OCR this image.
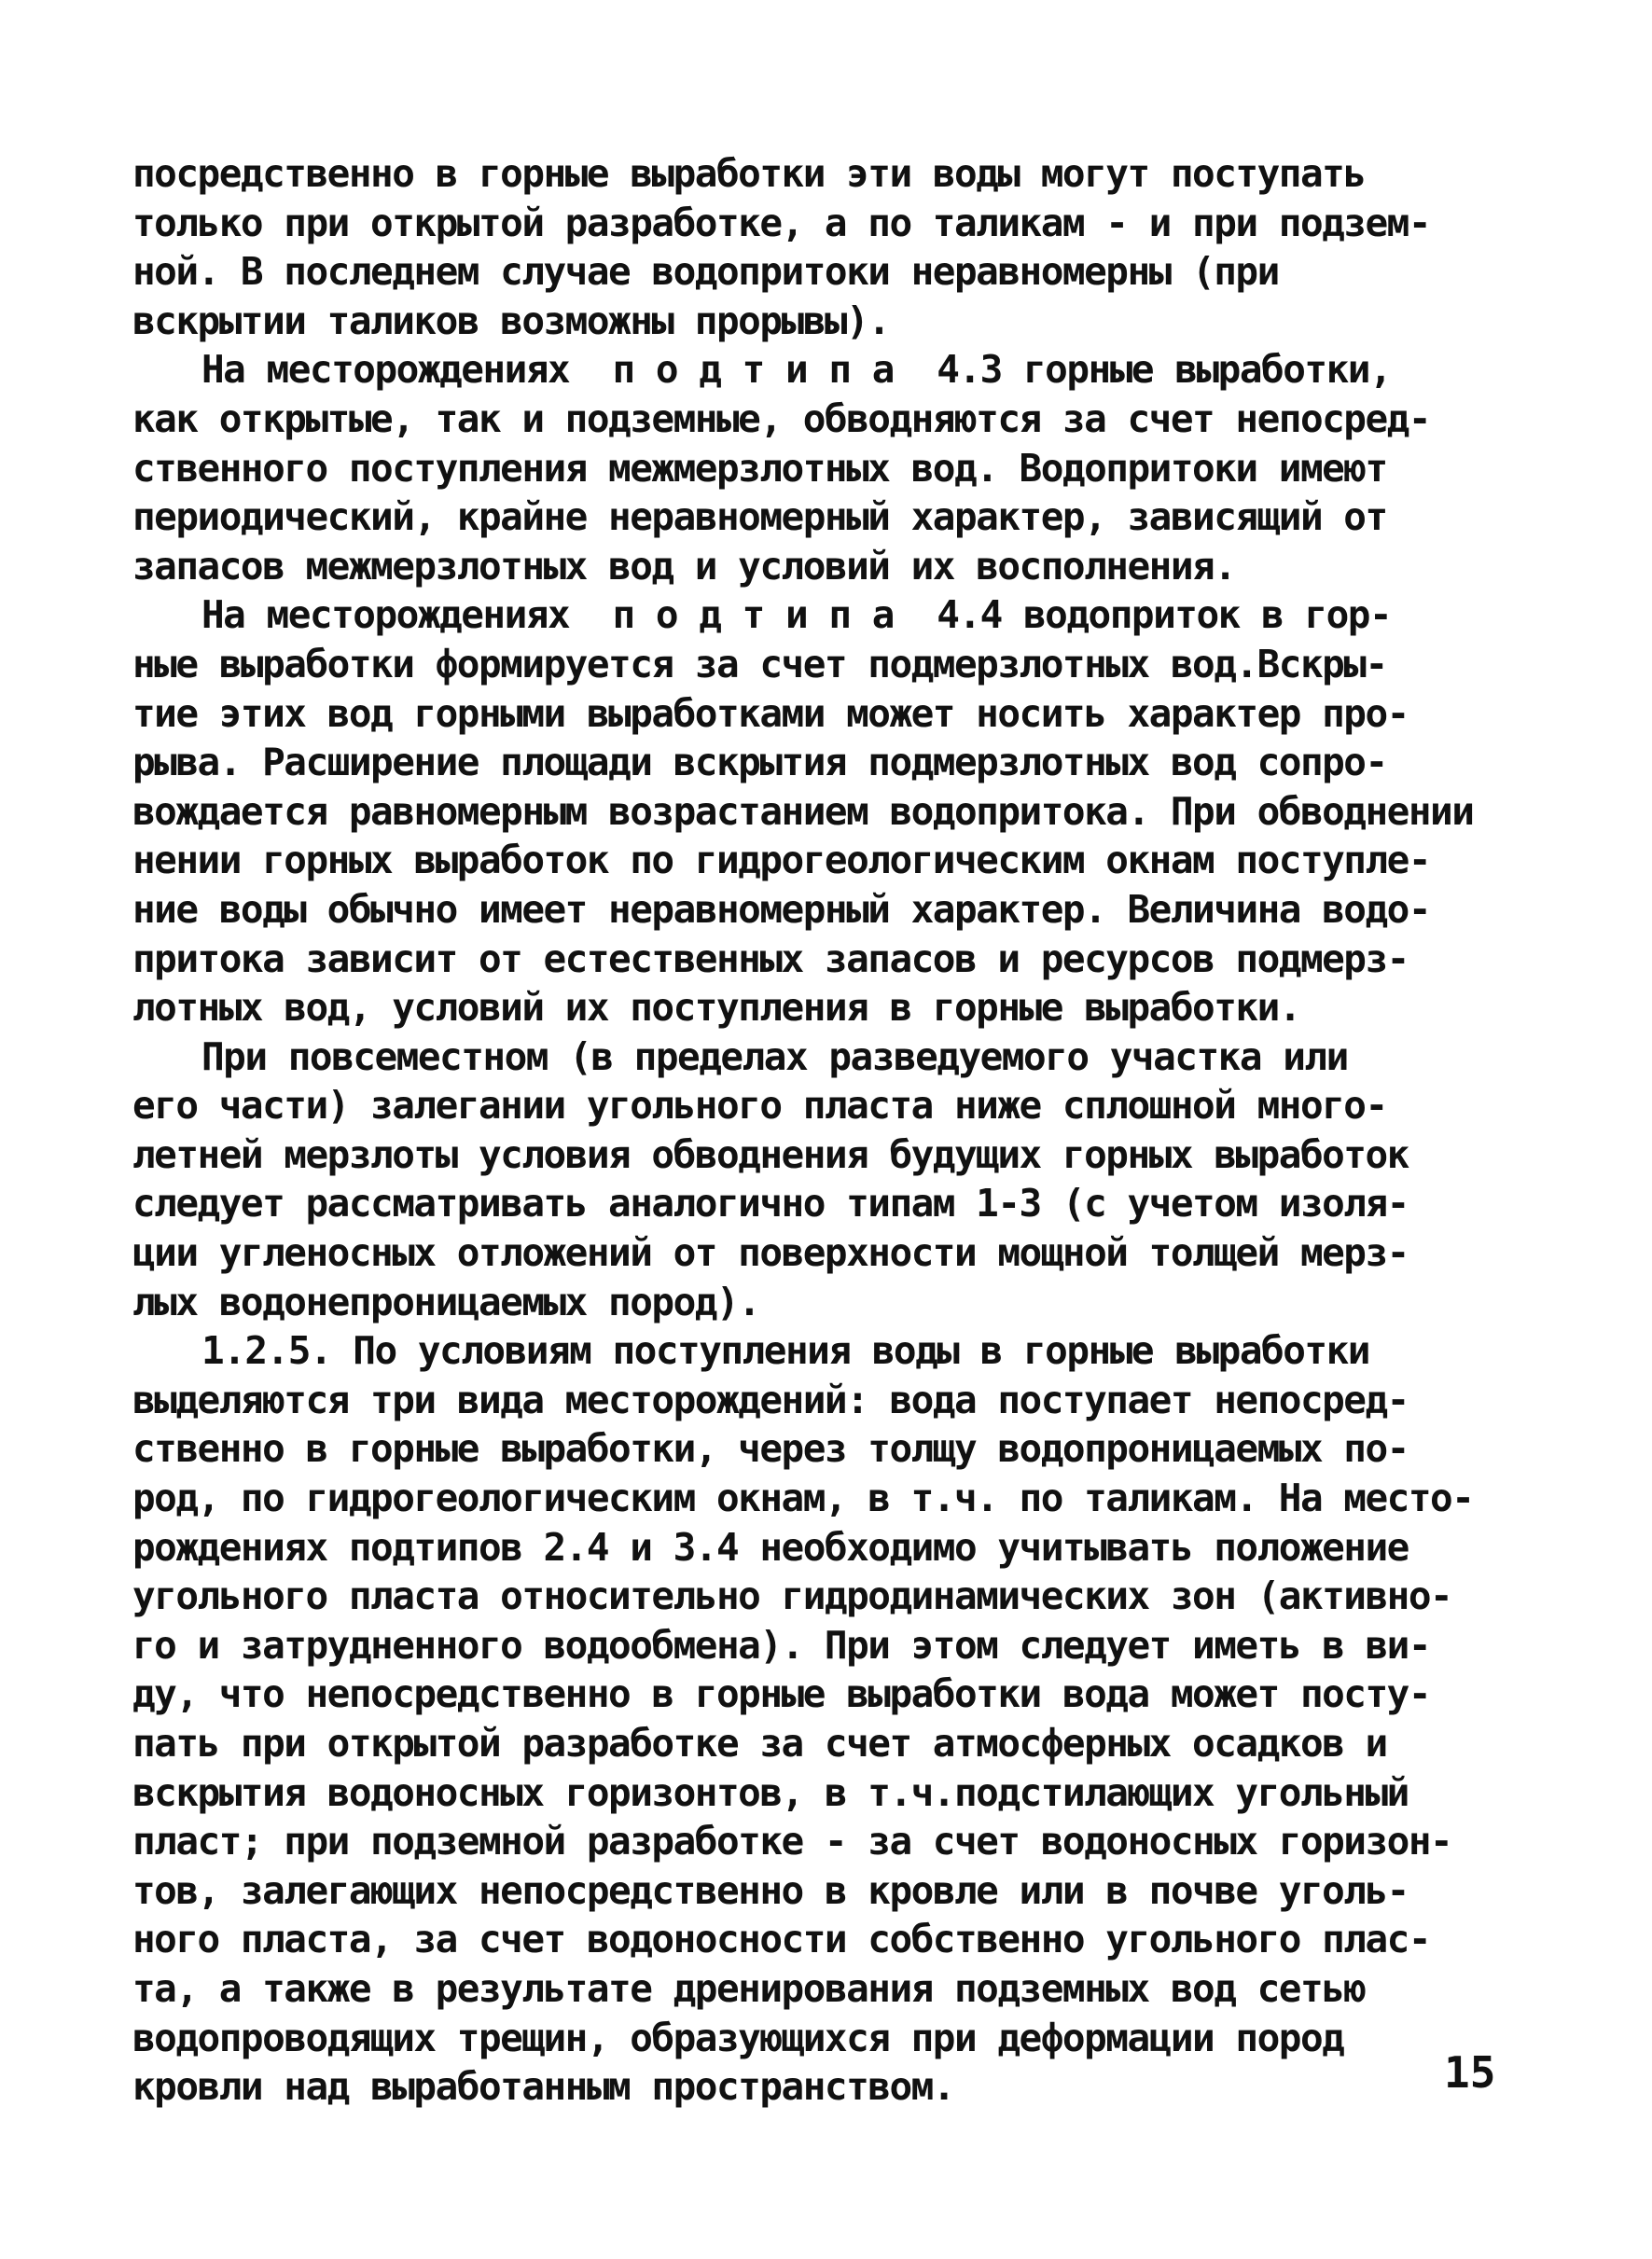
посредственно в горные выработки эти воды могут поступать
только при открытой разработке, а по таликам - и при подзем-
ной. В последнем случае водопритоки неравномерны (при
вскрытии таликов возможны прорывы).

На месторождениях  п о д т и п а  4.3 горные выработки,
как открытые, так и подземные, обводняются за счет непосред-
ственного поступления межмерзлотных вод. Водопритоки имеют
периодический, крайне неравномерный характер, зависящий от
запасов межмерзлотных вод и условий их восполнения.

На месторождениях  п о д т и п а  4.4 водоприток в гор-
ные выработки формируется за счет подмерзлотных вод.Вскры-
тие этих вод горными выработками может носить характер про-
рыва. Расширение площади вскрытия подмерзлотных вод сопро-
вождается равномерным возрастанием водопритока. При обводнении
нении горных выработок по гидрогеологическим окнам поступле-
ние воды обычно имеет неравномерный характер. Величина водо-
притока зависит от естественных запасов и ресурсов подмерз-
лотных вод, условий их поступления в горные выработки.

При повсеместном (в пределах разведуемого участка или
его части) залегании угольного пласта ниже сплошной много-
летней мерзлоты условия обводнения будущих горных выработок
следует рассматривать аналогично типам 1-3 (с учетом изоля-
ции угленосных отложений от поверхности мощной толщей мерз-
лых водонепроницаемых пород).

1.2.5. По условиям поступления воды в горные выработки
выделяются три вида месторождений: вода поступает непосред-
ственно в горные выработки, через толщу водопроницаемых по-
род, по гидрогеологическим окнам, в т.ч. по таликам. На место-
рождениях подтипов 2.4 и 3.4 необходимо учитывать положение
угольного пласта относительно гидродинамических зон (активно-
го и затрудненного водообмена). При этом следует иметь в ви-
ду, что непосредственно в горные выработки вода может посту-
пать при открытой разработке за счет атмосферных осадков и
вскрытия водоносных горизонтов, в т.ч.подстилающих угольный
пласт; при подземной разработке - за счет водоносных горизон-
тов, залегающих непосредственно в кровле или в почве уголь-
ного пласта, за счет водоносности собственно угольного плас-
та, а также в результате дренирования подземных вод сетью
водопроводящих трещин, образующихся при деформации пород
кровли над выработанным пространством.	15
